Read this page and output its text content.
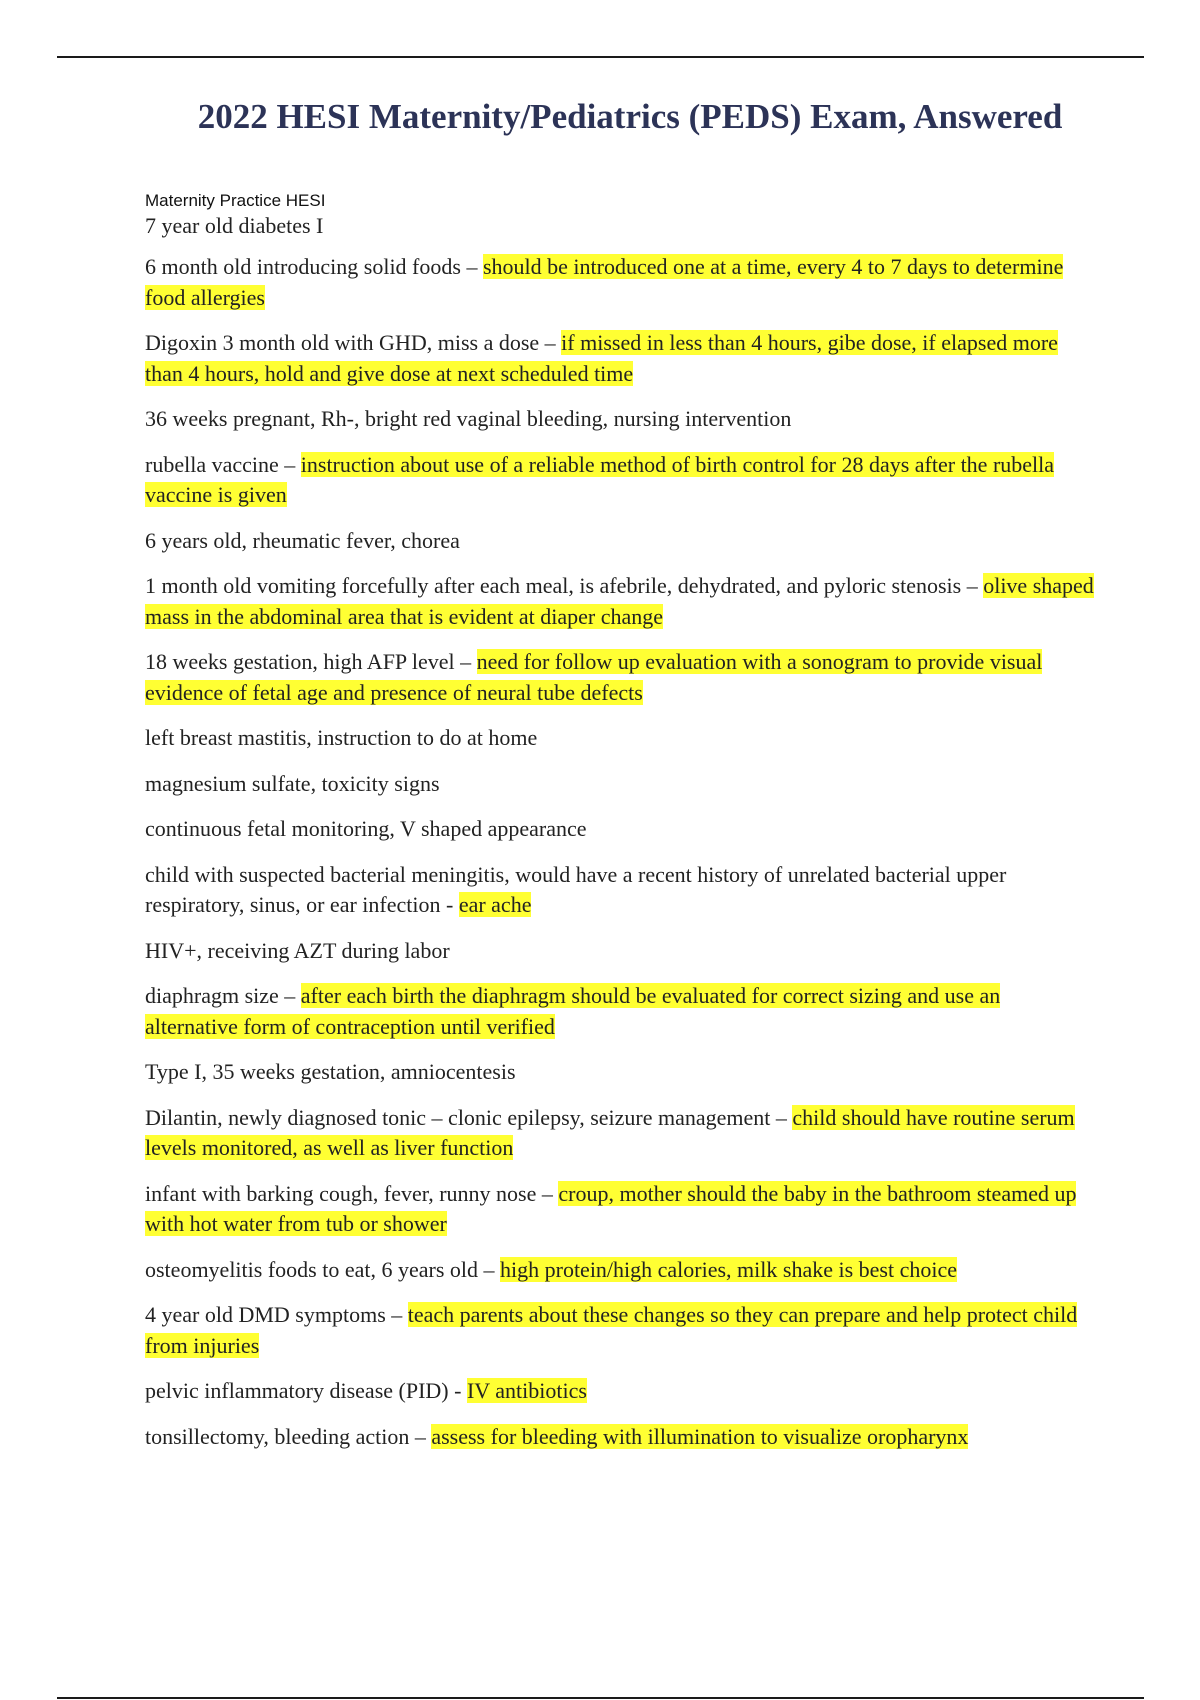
2022 HESI Maternity/Pediatrics (PEDS) Exam, Answered
Maternity Practice HESI

7 year old diabetes I

6 month old introducing solid foods – should be introduced one at a time, every 4 to 7 days to determine food allergies

Digoxin 3 month old with GHD, miss a dose – if missed in less than 4 hours, gibe dose, if elapsed more than 4 hours, hold and give dose at next scheduled time

36 weeks pregnant, Rh-, bright red vaginal bleeding, nursing intervention

rubella vaccine – instruction about use of a reliable method of birth control for 28 days after the rubella vaccine is given

6 years old, rheumatic fever, chorea

1 month old vomiting forcefully after each meal, is afebrile, dehydrated, and pyloric stenosis – olive shaped mass in the abdominal area that is evident at diaper change

18 weeks gestation, high AFP level – need for follow up evaluation with a sonogram to provide visual evidence of fetal age and presence of neural tube defects

left breast mastitis, instruction to do at home

magnesium sulfate, toxicity signs

continuous fetal monitoring, V shaped appearance

child with suspected bacterial meningitis, would have a recent history of unrelated bacterial upper respiratory, sinus, or ear infection - ear ache

HIV+, receiving AZT during labor

diaphragm size – after each birth the diaphragm should be evaluated for correct sizing and use an alternative form of contraception until verified

Type I, 35 weeks gestation, amniocentesis

Dilantin, newly diagnosed tonic – clonic epilepsy, seizure management – child should have routine serum levels monitored, as well as liver function

infant with barking cough, fever, runny nose – croup, mother should the baby in the bathroom steamed up with hot water from tub or shower

osteomyelitis foods to eat, 6 years old – high protein/high calories, milk shake is best choice

4 year old DMD symptoms – teach parents about these changes so they can prepare and help protect child from injuries

pelvic inflammatory disease (PID) - IV antibiotics

tonsillectomy, bleeding action – assess for bleeding with illumination to visualize oropharynx
